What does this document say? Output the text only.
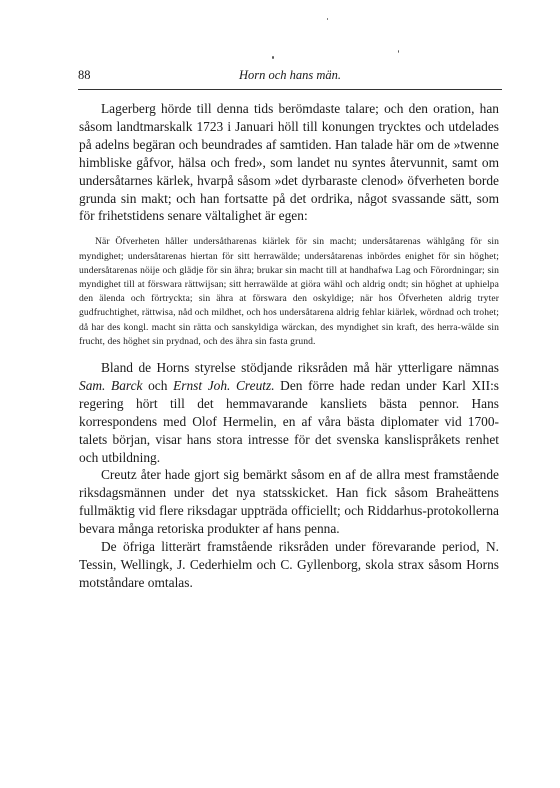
88	Horn och hans män.

Lagerberg hörde till denna tids berömdaste talare; och den oration, han såsom landtmarskalk 1723 i Januari höll till konungen trycktes och utdelades på adelns begäran och beundrades af samtiden. Han talade här om de »twenne himbliske gåfvor, hälsa och fred», som landet nu syntes återvunnit, samt om undersåtarnes kärlek, hvarpå såsom »det dyrbaraste clenod» öfverheten borde grunda sin makt; och han fortsatte på det ordrika, något svassande sätt, som för frihetstidens senare vältalighet är egen:

När Öfverheten håller undersåtharenas kiärlek för sin macht; undersåtarenas wählgång för sin myndighet; undersåtarenas hiertan för sitt herrawälde; undersåtarenas inbördes enighet för sin höghet; undersåtarenas nöije och glädje för sin ähra; brukar sin macht till at handhafwa Lag och Förordningar; sin myndighet till at förswara rättwijsan; sitt herrawälde at giöra wähl och aldrig ondt; sin höghet at uphielpa den älenda och förtryckta; sin ähra at förswara den oskyldige; när hos Öfverheten aldrig tryter gudfruchtighet, rättwisa, nåd och mildhet, och hos undersåtarena aldrig fehlar kiärlek, wördnad och trohet; då har des kongl. macht sin rätta och sanskyldiga wärckan, des myndighet sin kraft, des herra-wälde sin frucht, des höghet sin prydnad, och des ähra sin fasta grund.

Bland de Horns styrelse stödjande riksråden må här ytterligare nämnas Sam. Barck och Ernst Joh. Creutz. Den förre hade redan under Karl XII:s regering hört till det hemmavarande kansliets bästa pennor. Hans korrespondens med Olof Hermelin, en af våra bästa diplomater vid 1700-talets början, visar hans stora intresse för det svenska kanslispråkets renhet och utbildning.

Creutz åter hade gjort sig bemärkt såsom en af de allra mest framstående riksdagsmännen under det nya statsskicket. Han fick såsom Braheättens fullmäktig vid flere riksdagar uppträda officiellt; och Riddarhus-protokollerna bevara många retoriska produkter af hans penna.

De öfriga litterärt framstående riksråden under förevarande period, N. Tessin, Wellingk, J. Cederhielm och C. Gyllenborg, skola strax såsom Horns motståndare omtalas.
